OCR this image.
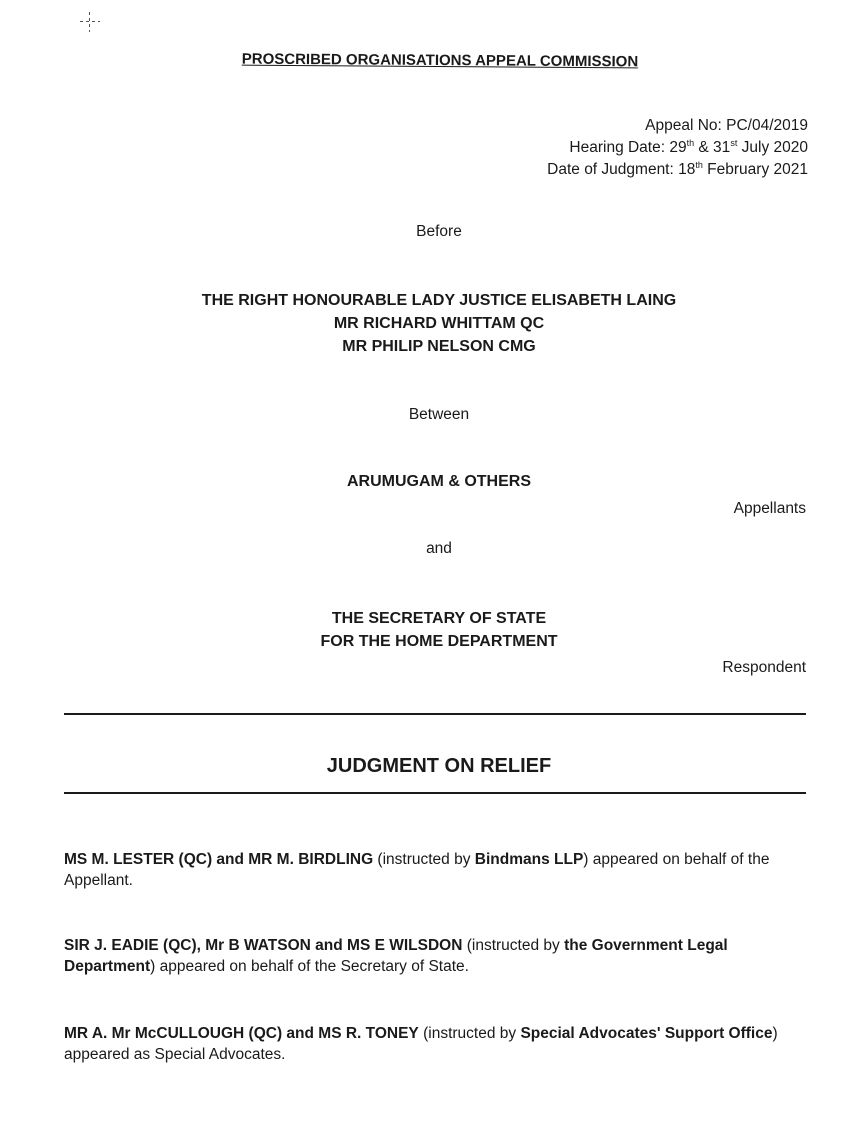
PROSCRIBED ORGANISATIONS APPEAL COMMISSION
Appeal No: PC/04/2019
Hearing Date: 29th & 31st July 2020
Date of Judgment: 18th February 2021
Before
THE RIGHT HONOURABLE LADY JUSTICE ELISABETH LAING
MR RICHARD WHITTAM QC
MR PHILIP NELSON CMG
Between
ARUMUGAM & OTHERS
Appellants
and
THE SECRETARY OF STATE
FOR THE HOME DEPARTMENT
Respondent
JUDGMENT ON RELIEF
MS M. LESTER (QC) and MR M. BIRDLING (instructed by Bindmans LLP) appeared on behalf of the Appellant.
SIR J. EADIE (QC), Mr B WATSON and MS E WILSDON (instructed by the Government Legal Department) appeared on behalf of the Secretary of State.
MR A. Mr McCULLOUGH (QC) and MS R. TONEY (instructed by Special Advocates' Support Office) appeared as Special Advocates.
